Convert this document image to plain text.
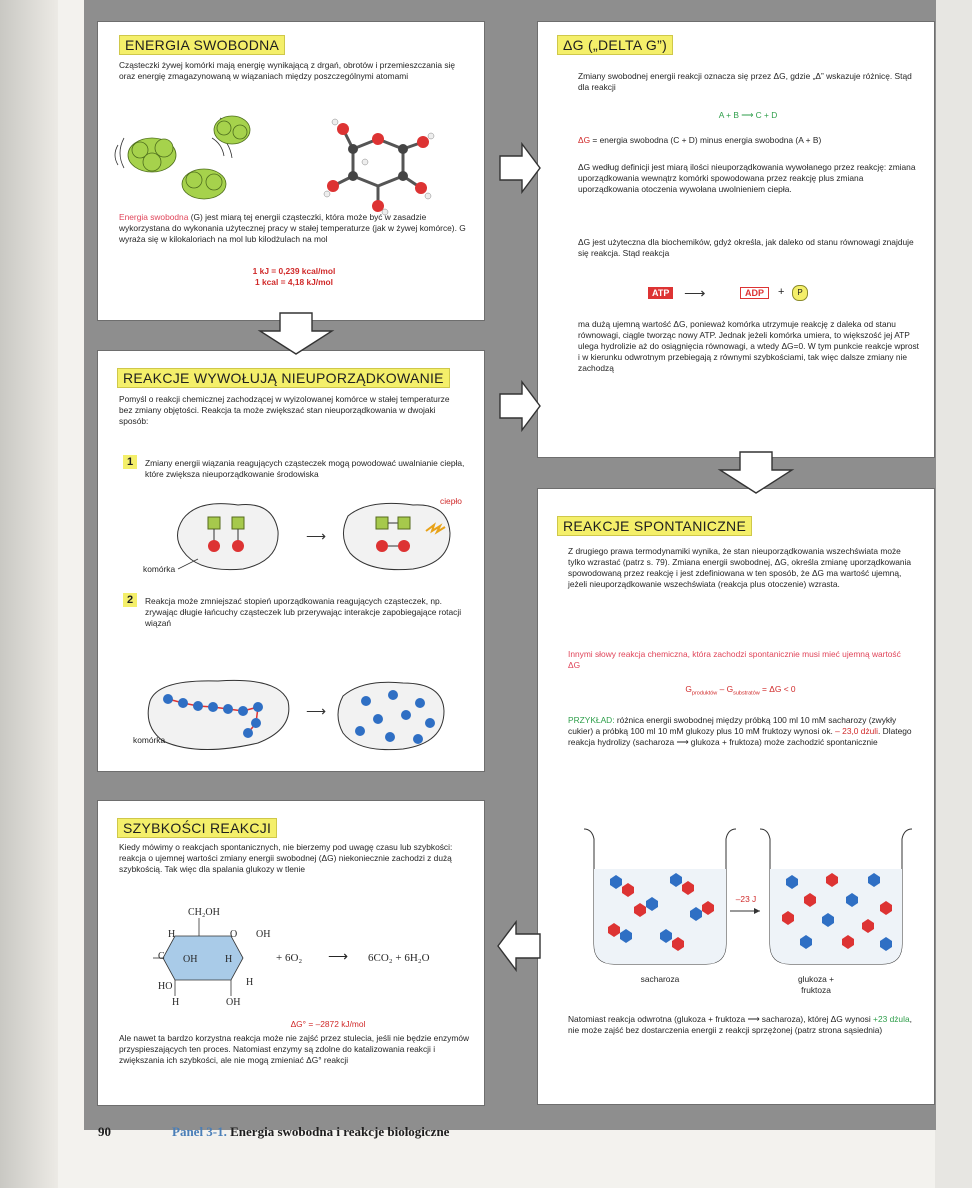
ENERGIA SWOBODNA
Cząsteczki żywej komórki mają energię wynikającą z drgań, obrotów i przemieszczania się oraz energię zmagazynowaną w wiązaniach między poszczególnymi atomami
Energia swobodna (G) jest miarą tej energii cząsteczki, która może być w zasadzie wykorzystana do wykonania użytecznej pracy w stałej temperaturze (jak w żywej komórce). G wyraża się w kilokaloriach na mol lub kilodżulach na mol
1 kJ = 0,239 kcal/mol
1 kcal = 4,18 kJ/mol
ΔG („DELTA G”)
Zmiany swobodnej energii reakcji oznacza się przez ΔG, gdzie „Δ” wskazuje różnicę. Stąd dla reakcji
A + B ⟶ C + D
ΔG = energia swobodna (C + D) minus energia swobodna (A + B)
ΔG według definicji jest miarą ilości nieuporządkowania wywołanego przez reakcję: zmiana uporządkowania wewnątrz komórki spowodowana przez reakcję plus zmiana uporządkowania otoczenia wywołana uwolnieniem ciepła.
ΔG jest użyteczna dla biochemików, gdyż określa, jak daleko od stanu równowagi znajduje się reakcja. Stąd reakcja
ATP ⟶	ADP	+	P
ma dużą ujemną wartość ΔG, ponieważ komórka utrzymuje reakcję z daleka od stanu równowagi, ciągle tworząc nowy ATP. Jednak jeżeli komórka umiera, to większość jej ATP ulega hydrolizie aż do osiągnięcia równowagi, a wtedy ΔG=0. W tym punkcie reakcje wprost i w kierunku odwrotnym przebiegają z równymi szybkościami, tak więc dalsze zmiany nie zachodzą
REAKCJE WYWOŁUJĄ NIEUPORZĄDKOWANIE
Pomyśl o reakcji chemicznej zachodzącej w wyizolowanej komórce w stałej temperaturze bez zmiany objętości. Reakcja ta może zwiększać stan nieuporządkowania w dwojaki sposób:
1	Zmiany energii wiązania reagujących cząsteczek mogą powodować uwalnianie ciepła, które zwiększa nieuporządkowanie środowiska
⟶
ciepło
komórka
2	Reakcja może zmniejszać stopień uporządkowania reagujących cząsteczek, np. zrywając długie łańcuchy cząsteczek lub przerywając interakcje zapobiegające rotacji wiązań
⟶
komórka
REAKCJE SPONTANICZNE
Z drugiego prawa termodynamiki wynika, że stan nieuporządkowania wszechświata może tylko wzrastać (patrz s. 79). Zmiana energii swobodnej, ΔG, określa zmianę uporządkowania spowodowaną przez reakcję i jest zdefiniowana w ten sposób, że ΔG ma wartość ujemną, jeżeli nieuporządkowanie wszechświata (reakcja plus otoczenie) wzrasta.
Innymi słowy reakcja chemiczna, która zachodzi spontanicznie musi mieć ujemną wartość ΔG
$G_{produktów} - G_{substratów} = \Delta G < 0$
PRZYKŁAD: różnica energii swobodnej między próbką 100 ml 10 mM sacharozy (zwykły cukier) a próbką 100 ml 10 mM glukozy plus 10 mM fruktozy wynosi ok. – 23,0 dżuli. Dlatego reakcja hydrolizy (sacharoza ⟶ glukoza + fruktoza) może zachodzić spontanicznie
–23 J
sacharoza	glukoza + fruktoza
Natomiast reakcja odwrotna (glukoza + fruktoza ⟶ sacharoza), której ΔG wynosi +23 dżula, nie może zajść bez dostarczenia energii z reakcji sprzężonej (patrz strona sąsiednia)
SZYBKOŚCI REAKCJI
Kiedy mówimy o reakcjach spontanicznych, nie bierzemy pod uwagę czasu lub szybkości: reakcja o ujemnej wartości zmiany energii swobodnej (ΔG) niekoniecznie zachodzi z dużą szybkością. Tak więc dla spalania glukozy w tlenie
CH₂OH
H	O OH
C OH	H
HO	H
H	OH
+ 6O₂ ⟶ 6CO₂ + 6H₂O
ΔG° = –2872 kJ/mol
Ale nawet ta bardzo korzystna reakcja może nie zajść przez stulecia, jeśli nie będzie enzymów przyspieszających ten proces. Natomiast enzymy są zdolne do katalizowania reakcji i zwiększania ich szybkości, ale nie mogą zmieniać ΔG° reakcji
90	Panel 3-1. Energia swobodna i reakcje biologiczne
